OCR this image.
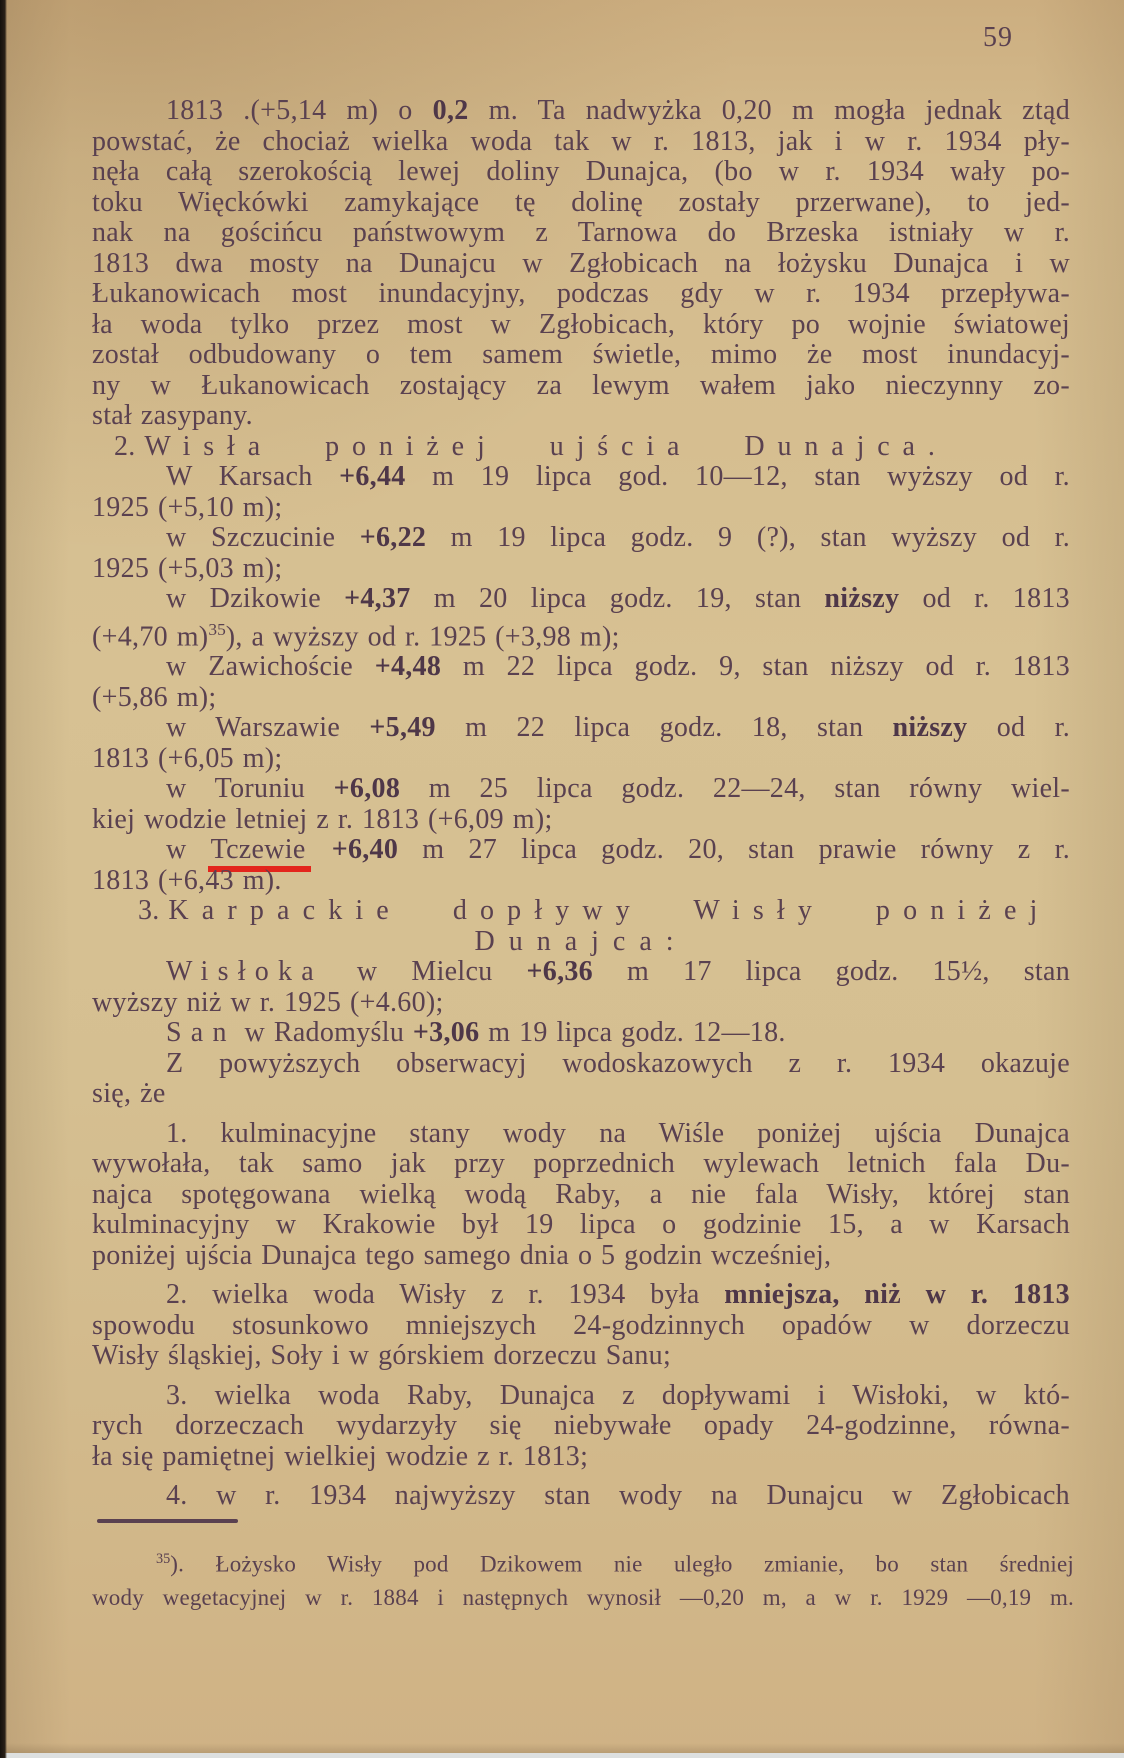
59
1813 .(+5,14 m) o 0,2 m. Ta nadwyżka 0,20 m mogła jednak ztąd
powstać, że chociaż wielka woda tak w r. 1813, jak i w r. 1934 pły-
nęła całą szerokością lewej doliny Dunajca, (bo w r. 1934 wały po-
toku Więckówki zamykające tę dolinę zostały przerwane), to jed-
nak na gościńcu państwowym z Tarnowa do Brzeska istniały w r.
1813 dwa mosty na Dunajcu w Zgłobicach na łożysku Dunajca i w
Łukanowicach most inundacyjny, podczas gdy w r. 1934 przepływa-
ła woda tylko przez most w Zgłobicach, który po wojnie światowej
został odbudowany o tem samem świetle, mimo że most inundacyj-
ny w Łukanowicach zostający za lewym wałem jako nieczynny zo-
stał zasypany.
2. Wisła poniżej ujścia Dunajca.
W Karsach +6,44 m 19 lipca god. 10—12, stan wyższy od r.
1925 (+5,10 m);
w Szczucinie +6,22 m 19 lipca godz. 9 (?), stan wyższy od r.
1925 (+5,03 m);
w Dzikowie +4,37 m 20 lipca godz. 19, stan niższy od r. 1813
(+4,70 m)$^{35}$), a wyższy od r. 1925 (+3,98 m);
w Zawichoście +4,48 m 22 lipca godz. 9, stan niższy od r. 1813
(+5,86 m);
w Warszawie +5,49 m 22 lipca godz. 18, stan niższy od r.
1813 (+6,05 m);
w Toruniu +6,08 m 25 lipca godz. 22—24, stan równy wiel-
kiej wodzie letniej z r. 1813 (+6,09 m);
w Tczewie +6,40 m 27 lipca godz. 20, stan prawie równy z r.
1813 (+6,43 m).
3. Karpackie dopływy Wisły poniżej
Dunajca:
Wisłoka w Mielcu +6,36 m 17 lipca godz. 15½, stan
wyższy niż w r. 1925 (+4.60);
San w Radomyślu +3,06 m 19 lipca godz. 12—18.
Z powyższych obserwacyj wodoskazowych z r. 1934 okazuje
się, że
1. kulminacyjne stany wody na Wiśle poniżej ujścia Dunajca
wywołała, tak samo jak przy poprzednich wylewach letnich fala Du-
najca spotęgowana wielką wodą Raby, a nie fala Wisły, której stan
kulminacyjny w Krakowie był 19 lipca o godzinie 15, a w Karsach
poniżej ujścia Dunajca tego samego dnia o 5 godzin wcześniej,
2. wielka woda Wisły z r. 1934 była mniejsza, niż w r. 1813
spowodu stosunkowo mniejszych 24-godzinnych opadów w dorzeczu
Wisły śląskiej, Soły i w górskiem dorzeczu Sanu;
3. wielka woda Raby, Dunajca z dopływami i Wisłoki, w któ-
rych dorzeczach wydarzyły się niebywałe opady 24-godzinne, równa-
ła się pamiętnej wielkiej wodzie z r. 1813;
4. w r. 1934 najwyższy stan wody na Dunajcu w Zgłobicach
$^{35}$). Łożysko Wisły pod Dzikowem nie uległo zmianie, bo stan średniej
wody wegetacyjnej w r. 1884 i następnych wynosił —0,20 m, a w r. 1929 —0,19 m.
